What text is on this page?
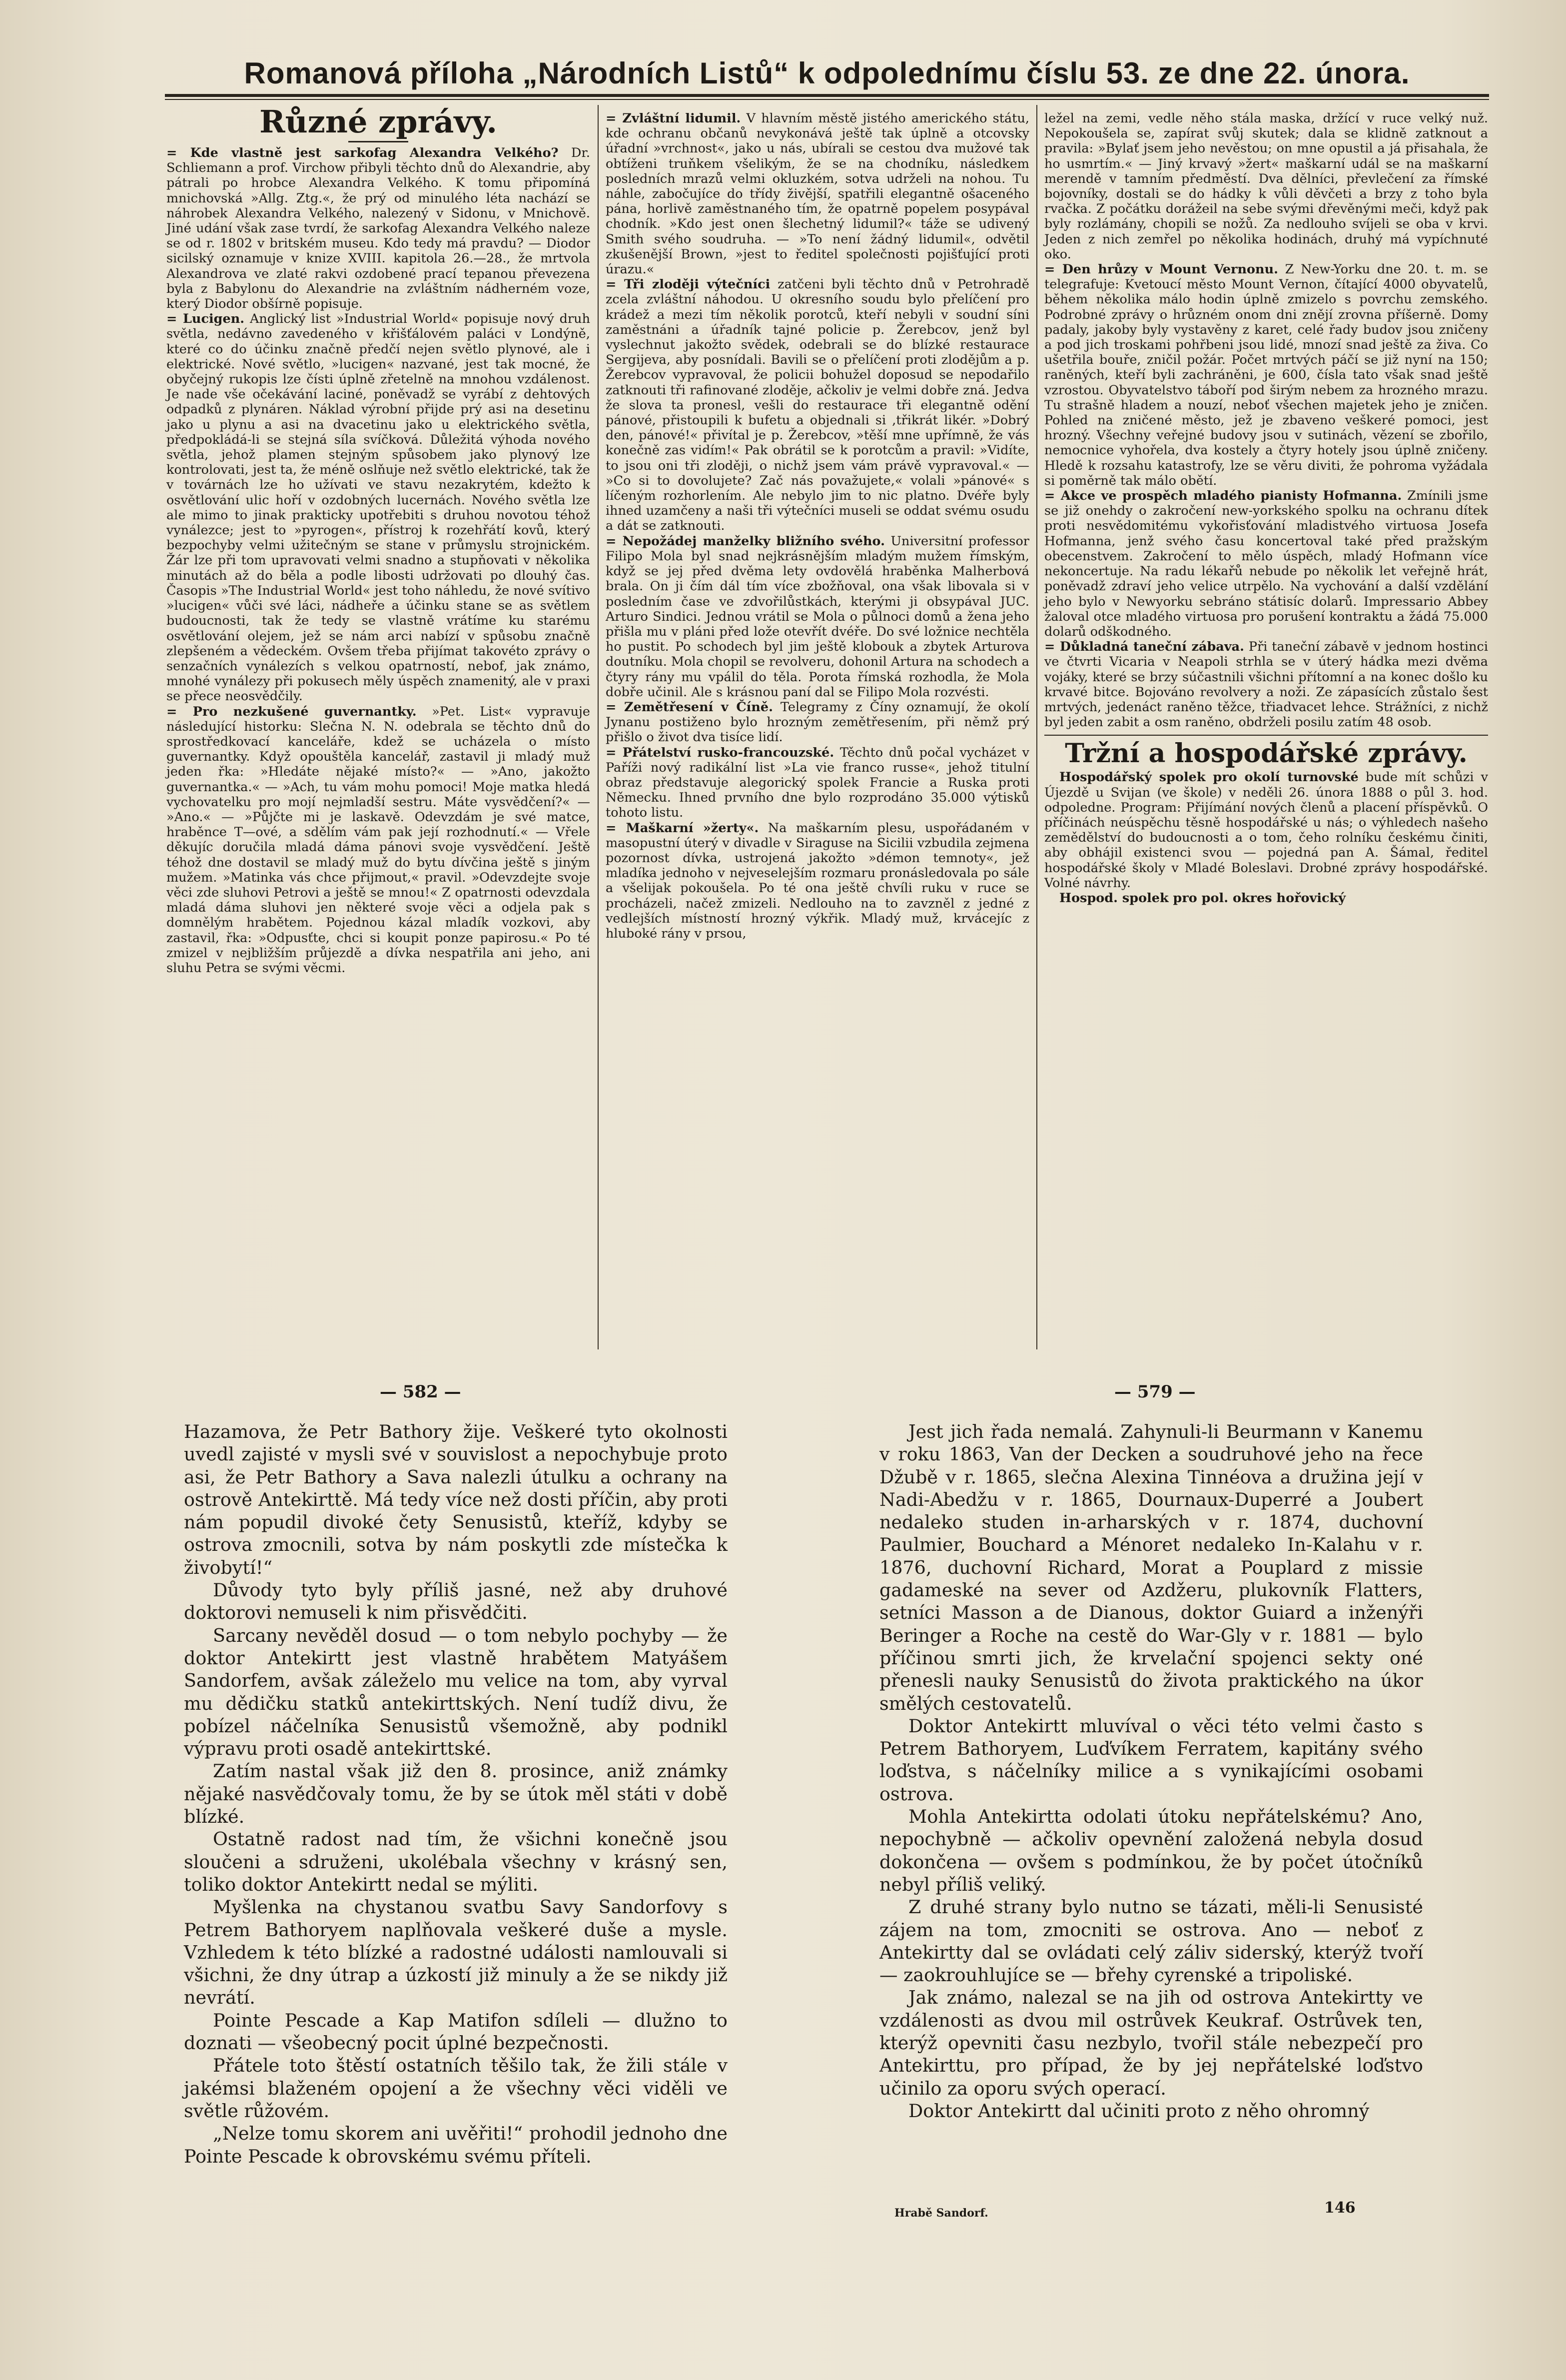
Romanová příloha „Národních Listů“ k odpolednímu číslu 53. ze dne 22. února.

Různé zprávy.

= Kde vlastně jest sarkofag Alexandra Velkého? Dr. Schliemann a prof. Virchow přibyli těchto dnů do Alexandrie, aby pátrali po hrobce Alexandra Velkého. K tomu připomíná mnichovská »Allg. Ztg.«, že prý od minulého léta nachází se náhrobek Alexandra Velkého, nalezený v Sidonu, v Mnichově. Jiné udání však zase tvrdí, že sarkofag Alexandra Velkého naleze se od r. 1802 v britském museu. Kdo tedy má pravdu? — Diodor sicilský oznamuje v knize XVIII. kapitola 26.—28., že mrtvola Alexandrova ve zlaté rakvi ozdobené prací tepanou převezena byla z Babylonu do Alexandrie na zvláštním nádherném voze, který Diodor obšírně popisuje.

= Lucigen. Anglický list »Industrial World« popisuje nový druh světla, nedávno zavedeného v křišťálovém paláci v Londýně, které co do účinku značně předčí nejen světlo plynové, ale i elektrické. Nové světlo, »lucigen« nazvané, jest tak mocné, že obyčejný rukopis lze čísti úplně zřetelně na mnohou vzdálenost. Je nade vše očekávání laciné, poněvadž se vyrábí z dehtových odpadků z plynáren. Náklad výrobní přijde prý asi na desetinu jako u plynu a asi na dvacetinu jako u elektrického světla, předpokládá-li se stejná síla svíčková. Důležitá výhoda nového světla, jehož plamen stejným spůsobem jako plynový lze kontrolovati, jest ta, že méně oslňuje než světlo elektrické, tak že v továrnách lze ho užívati ve stavu nezakrytém, kdežto k osvětlování ulic hoří v ozdobných lucernách. Nového světla lze ale mimo to jinak prakticky upotřebiti s druhou novotou téhož vynálezce; jest to »pyrogen«, přístroj k rozehřátí kovů, který bezpochyby velmi užitečným se stane v průmyslu strojnickém. Žár lze při tom upravovati velmi snadno a stupňovati v několika minutách až do běla a podle libosti udržovati po dlouhý čas. Časopis »The Industrial World« jest toho náhledu, že nové svítivo »lucigen« vůči své láci, nádheře a účinku stane se as světlem budoucnosti, tak že tedy se vlastně vrátíme ku starému osvětlování olejem, jež se nám arci nabízí v spůsobu značně zlepšeném a vědeckém. Ovšem třeba přijímat takovéto zprávy o senzačních vynálezích s velkou opatrností, nebof, jak známo, mnohé vynálezy při pokusech měly úspěch znamenitý, ale v praxi se přece neosvědčily.

= Pro nezkušené guvernantky. »Pet. List« vypravuje následující historku: Slečna N. N. odebrala se těchto dnů do sprostředkovací kanceláře, kdež se ucházela o místo guvernantky. Když opouštěla kancelář, zastavil ji mladý muž jeden řka: »Hledáte nějaké místo?« — »Ano, jakožto guvernantka.« — »Ach, tu vám mohu pomoci! Moje matka hledá vychovatelku pro mojí nejmladší sestru. Máte vysvědčení?« — »Ano.« — »Půjčte mi je laskavě. Odevzdám je své matce, hraběnce T—ové, a sdělím vám pak její rozhodnutí.« — Vřele děkujíc doručila mladá dáma pánovi svoje vysvědčení. Ještě téhož dne dostavil se mladý muž do bytu dívčina ještě s jiným mužem. »Matinka vás chce přijmout,« pravil. »Odevzdejte svoje věci zde sluhovi Petrovi a ještě se mnou!« Z opatrnosti odevzdala mladá dáma sluhovi jen některé svoje věci a odjela pak s domnělým hrabětem. Pojednou kázal mladík vozkovi, aby zastavil, řka: »Odpusťte, chci si koupit ponze papirosu.« Po té zmizel v nejbližším průjezdě a dívka nespatřila ani jeho, ani sluhu Petra se svými věcmi.

= Zvláštní lidumil. V hlavním městě jistého amerického státu, kde ochranu občanů nevykonává ještě tak úplně a otcovsky úřadní »vrchnost«, jako u nás, ubírali se cestou dva mužové tak obtíženi truňkem všelikým, že se na chodníku, následkem posledních mrazů velmi okluzkém, sotva udrželi na nohou. Tu náhle, zabočujíce do třídy živější, spatřili elegantně ošaceného pána, horlivě zaměstnaného tím, že opatrně popelem posypával chodník. »Kdo jest onen šlechetný lidumil?« táže se udivený Smith svého soudruha. — »To není žádný lidumil«, odvětil zkušenější Brown, »jest to ředitel společnosti pojišťující proti úrazu.«

= Tři zloději výtečníci zatčeni byli těchto dnů v Petrohradě zcela zvláštní náhodou. U okresního soudu bylo přelíčení pro krádež a mezi tím několik porotců, kteří nebyli v soudní síni zaměstnáni a úřadník tajné policie p. Žerebcov, jenž byl vyslechnut jakožto svědek, odebrali se do blízké restaurace Sergijeva, aby posnídali. Bavili se o přelíčení proti zlodějům a p. Žerebcov vypravoval, že policii bohužel doposud se nepodařilo zatknouti tři rafinované zloděje, ačkoliv je velmi dobře zná. Jedva že slova ta pronesl, vešli do restaurace tři elegantně odění pánové, přistoupili k bufetu a objednali si ,třikrát likér. »Dobrý den, pánové!« přivítal je p. Žerebcov, »těší mne upřímně, že vás konečně zas vidím!« Pak obrátil se k porotcům a pravil: »Vidíte, to jsou oni tři zloději, o nichž jsem vám právě vypravoval.« — »Co si to dovolujete? Zač nás považujete,« volali »pánové« s líčeným rozhorlením. Ale nebylo jim to nic platno. Dvéře byly ihned uzamčeny a naši tři výtečníci museli se oddat svému osudu a dát se zatknouti.

= Nepožádej manželky bližního svého. Universitní professor Filipo Mola byl snad nejkrásnějším mladým mužem římským, když se jej před dvěma lety ovdovělá hraběnka Malherbová brala. On ji čím dál tím více zbožňoval, ona však libovala si v posledním čase ve zdvořilůstkách, kterými ji obsypával JUC. Arturo Sindici. Jednou vrátil se Mola o půlnoci domů a žena jeho přišla mu v pláni před lože otevřít dvéře. Do své ložnice nechtěla ho pustit. Po schodech byl jim ještě klobouk a zbytek Arturova doutníku. Mola chopil se revolveru, dohonil Artura na schodech a čtyry rány mu vpálil do těla. Porota římská rozhodla, že Mola dobře učinil. Ale s krásnou paní dal se Filipo Mola rozvésti.

= Zemětřesení v Číně. Telegramy z Číny oznamují, že okolí Jynanu postiženo bylo hrozným zemětřesením, při němž prý přišlo o život dva tisíce lidí.

= Přátelství rusko-francouzské. Těchto dnů počal vycházet v Paříži nový radikální list »La vie franco russe«, jehož titulní obraz představuje alegorický spolek Francie a Ruska proti Německu. Ihned prvního dne bylo rozprodáno 35.000 výtisků tohoto listu.

= Maškarní »žerty«. Na maškarním plesu, uspořádaném v masopustní úterý v divadle v Siraguse na Sicilii vzbudila zejmena pozornost dívka, ustrojená jakožto »démon temnoty«, jež mladíka jednoho v nejveselejším rozmaru pronásledovala po sále a všelijak pokoušela. Po té ona ještě chvíli ruku v ruce se procházeli, načež zmizeli. Nedlouho na to zavzněl z jedné z vedlejších místností hrozný výkřik. Mladý muž, krvácejíc z hluboké rány v prsou,

ležel na zemi, vedle něho stála maska, držící v ruce velký nuž. Nepokoušela se, zapírat svůj skutek; dala se klidně zatknout a pravila: »Bylať jsem jeho nevěstou; on mne opustil a já přisahala, že ho usmrtím.« — Jiný krvavý »žert« maškarní udál se na maškarní merendě v tamním předměstí. Dva dělníci, převlečení za římské bojovníky, dostali se do hádky k vůli děvčeti a brzy z toho byla rvačka. Z počátku dorážeil na sebe svými dřevěnými meči, když pak byly rozlámány, chopili se nožů. Za nedlouho svíjeli se oba v krvi. Jeden z nich zemřel po několika hodinách, druhý má vypíchnuté oko.

= Den hrůzy v Mount Vernonu. Z New-Yorku dne 20. t. m. se telegrafuje: Kvetoucí město Mount Vernon, čítající 4000 obyvatelů, během několika málo hodin úplně zmizelo s povrchu zemského. Podrobné zprávy o hrůzném onom dni znějí zrovna příšerně. Domy padaly, jakoby byly vystavěny z karet, celé řady budov jsou zničeny a pod jich troskami pohřbeni jsou lidé, mnozí snad ještě za živa. Co ušetřila bouře, zničil požár. Počet mrtvých páčí se již nyní na 150; raněných, kteří byli zachráněni, je 600, čísla tato však snad ještě vzrostou. Obyvatelstvo táboří pod širým nebem za hrozného mrazu. Tu strašně hladem a nouzí, neboť všechen majetek jeho je zničen. Pohled na zničené město, jež je zbaveno veškeré pomoci, jest hrozný. Všechny veřejné budovy jsou v sutinách, vězení se zbořilo, nemocnice vyhořela, dva kostely a čtyry hotely jsou úplně zničeny. Hledě k rozsahu katastrofy, lze se věru diviti, že pohroma vyžádala si poměrně tak málo obětí.

= Akce ve prospěch mladého pianisty Hofmanna. Zmínili jsme se již onehdy o zakročení new-yorkského spolku na ochranu dítek proti nesvědomitému vykořisťování mladistvého virtuosa Josefa Hofmanna, jenž svého času koncertoval také před pražským obecenstvem. Zakročení to mělo úspěch, mladý Hofmann více nekoncertuje. Na radu lékařů nebude po několik let veřejně hrát, poněvadž zdraví jeho velice utrpělo. Na vychování a další vzdělání jeho bylo v Newyorku sebráno státisíc dolarů. Impressario Abbey žaloval otce mladého virtuosa pro porušení kontraktu a žádá 75.000 dolarů odškodného.

= Důkladná taneční zábava. Při taneční zábavě v jednom hostinci ve čtvrti Vicaria v Neapoli strhla se v úterý hádka mezi dvěma vojáky, které se brzy súčastnili všichni přítomní a na konec došlo ku krvavé bitce. Bojováno revolvery a noži. Ze zápasících zůstalo šest mrtvých, jedenáct raněno těžce, třiadvacet lehce. Strážníci, z nichž byl jeden zabit a osm raněno, obdrželi posilu zatím 48 osob.

Tržní a hospodářské zprávy.

Hospodářský spolek pro okolí turnovské bude mít schůzi v Újezdě u Svijan (ve škole) v neděli 26. února 1888 o půl 3. hod. odpoledne. Program: Přijímání nových členů a placení příspěvků. O příčinách neúspěchu těsně hospodářské u nás; o výhledech našeho zemědělství do budoucnosti a o tom, čeho rolníku českému činiti, aby obhájil existenci svou — pojedná pan A. Šámal, ředitel hospodářské školy v Mladé Boleslavi. Drobné zprávy hospodářské. Volné návrhy.

Hospod. spolek pro pol. okres hořovický

— 582 —	— 579 —

Hazamova, že Petr Bathory žije. Veškeré tyto okolnosti uvedl zajisté v mysli své v souvislost a nepochybuje proto asi, že Petr Bathory a Sava nalezli útulku a ochrany na ostrově Antekirttě. Má tedy více než dosti příčin, aby proti nám popudil divoké čety Senusistů, kteříž, kdyby se ostrova zmocnili, sotva by nám poskytli zde místečka k živobytí!“

Důvody tyto byly příliš jasné, než aby druhové doktorovi nemuseli k nim přisvědčiti.

Sarcany nevěděl dosud — o tom nebylo pochyby — že doktor Antekirtt jest vlastně hrabětem Matyášem Sandorfem, avšak záleželo mu velice na tom, aby vyrval mu dědičku statků antekirttských. Není tudíž divu, že pobízel náčelníka Senusistů všemožně, aby podnikl výpravu proti osadě antekirttské.

Zatím nastal však již den 8. prosince, aniž známky nějaké nasvědčovaly tomu, že by se útok měl státi v době blízké.

Ostatně radost nad tím, že všichni konečně jsou sloučeni a sdruženi, ukolébala všechny v krásný sen, toliko doktor Antekirtt nedal se mýliti.

Myšlenka na chystanou svatbu Savy Sandorfovy s Petrem Bathoryem naplňovala veškeré duše a mysle. Vzhledem k této blízké a radostné události namlouvali si všichni, že dny útrap a úzkostí již minuly a že se nikdy již nevrátí.

Pointe Pescade a Kap Matifon sdíleli — dlužno to doznati — všeobecný pocit úplné bezpečnosti.

Přátele toto štěstí ostatních těšilo tak, že žili stále v jakémsi blaženém opojení a že všechny věci viděli ve světle růžovém.

„Nelze tomu skorem ani uvěřiti!“ prohodil jednoho dne Pointe Pescade k obrovskému svému příteli.

Jest jich řada nemalá. Zahynuli-li Beurmann v Kanemu v roku 1863, Van der Decken a soudruhové jeho na řece Džubě v r. 1865, slečna Alexina Tinnéova a družina její v Nadi-Abedžu v r. 1865, Dournaux-Duperré a Joubert nedaleko studen in-arharských v r. 1874, duchovní Paulmier, Bouchard a Ménoret nedaleko In-Kalahu v r. 1876, duchovní Richard, Morat a Pouplard z missie gadameské na sever od Azdžeru, plukovník Flatters, setníci Masson a de Dianous, doktor Guiard a inženýři Beringer a Roche na cestě do War-Gly v r. 1881 — bylo příčinou smrti jich, že krvelační spojenci sekty oné přenesli nauky Senusistů do života praktického na úkor smělých cestovatelů.

Doktor Antekirtt mluvíval o věci této velmi často s Petrem Bathoryem, Luďvíkem Ferratem, kapitány svého loďstva, s náčelníky milice a s vynikajícími osobami ostrova.

Mohla Antekirtta odolati útoku nepřátelskému? Ano, nepochybně — ačkoliv opevnění založená nebyla dosud dokončena — ovšem s podmínkou, že by počet útočníků nebyl příliš veliký.

Z druhé strany bylo nutno se tázati, měli-li Senusisté zájem na tom, zmocniti se ostrova. Ano — neboť z Antekirtty dal se ovládati celý záliv siderský, kterýž tvoří — zaokrouhlujíce se — břehy cyrenské a tripoliské.

Jak známo, nalezal se na jih od ostrova Antekirtty ve vzdálenosti as dvou mil ostrůvek Keukraf. Ostrůvek ten, kterýž opevniti času nezbylo, tvořil stále nebezpečí pro Antekirttu, pro případ, že by jej nepřátelské loďstvo učinilo za oporu svých operací.

Doktor Antekirtt dal učiniti proto z něho ohromný

Hrabě Sandorf.	146
